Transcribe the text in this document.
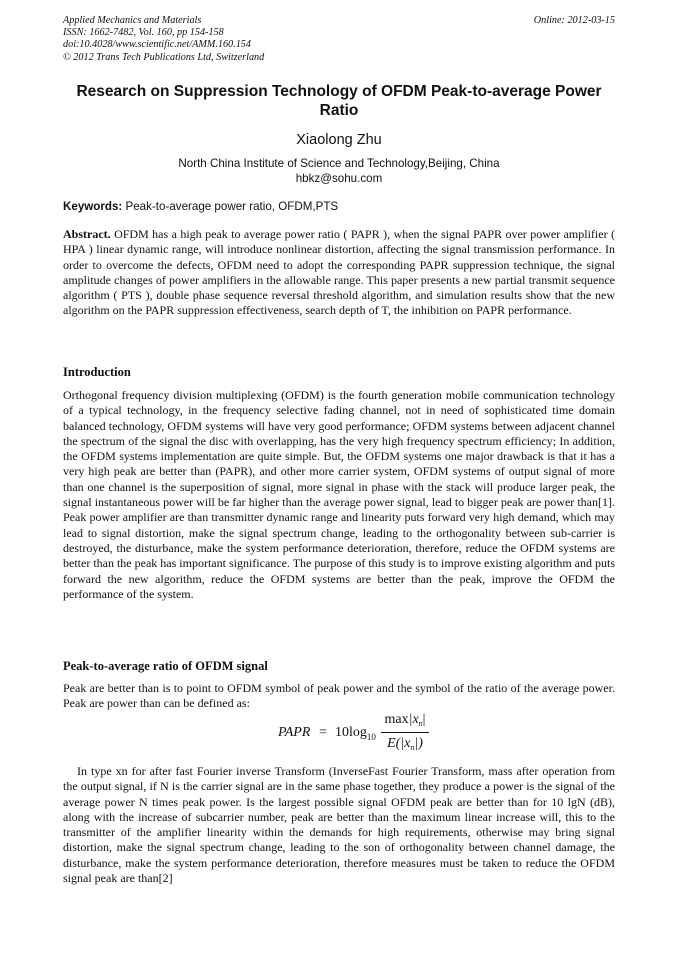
Applied Mechanics and Materials
ISSN: 1662-7482, Vol. 160, pp 154-158
doi:10.4028/www.scientific.net/AMM.160.154
© 2012 Trans Tech Publications Ltd, Switzerland
Online: 2012-03-15
Research on Suppression Technology of OFDM Peak-to-average Power Ratio
Xiaolong Zhu
North China Institute of Science and Technology,Beijing, China
hbkz@sohu.com
Keywords: Peak-to-average power ratio, OFDM,PTS
Abstract. OFDM has a high peak to average power ratio ( PAPR ), when the signal PAPR over power amplifier ( HPA ) linear dynamic range, will introduce nonlinear distortion, affecting the signal transmission performance. In order to overcome the defects, OFDM need to adopt the corresponding PAPR suppression technique, the signal amplitude changes of power amplifiers in the allowable range. This paper presents a new partial transmit sequence algorithm ( PTS ), double phase sequence reversal threshold algorithm, and simulation results show that the new algorithm on the PAPR suppression effectiveness, search depth of T, the inhibition on PAPR performance.
Introduction
Orthogonal frequency division multiplexing (OFDM) is the fourth generation mobile communication technology of a typical technology, in the frequency selective fading channel, not in need of sophisticated time domain balanced technology, OFDM systems will have very good performance; OFDM systems between adjacent channel the spectrum of the signal the disc with overlapping, has the very high frequency spectrum efficiency; In addition, the OFDM systems implementation are quite simple. But, the OFDM systems one major drawback is that it has a very high peak are better than (PAPR), and other more carrier system, OFDM systems of output signal of more than one channel is the superposition of signal, more signal in phase with the stack will produce larger peak, the signal instantaneous power will be far higher than the average power signal, lead to bigger peak are power than[1]. Peak power amplifier are than transmitter dynamic range and linearity puts forward very high demand, which may lead to signal distortion, make the signal spectrum change, leading to the orthogonality between sub-carrier is destroyed, the disturbance, make the system performance deterioration, therefore, reduce the OFDM systems are better than the peak has important significance. The purpose of this study is to improve existing algorithm and puts forward the new algorithm, reduce the OFDM systems are better than the peak, improve the OFDM the performance of the system.
Peak-to-average ratio of OFDM signal
Peak are better than is to point to OFDM symbol of peak power and the symbol of the ratio of the average power. Peak are power than can be defined as:
PAPR = $10\log_{10}$
$\max|x_n|$
$E(|x_n|)$
In type xn for after fast Fourier inverse Transform (InverseFast Fourier Transform, mass after operation from the output signal, if N is the carrier signal are in the same phase together, they produce a power is the signal of the average power N times peak power. Is the largest possible signal OFDM peak are better than for 10 lgN (dB), along with the increase of subcarrier number, peak are better than the maximum linear increase will, this to the transmitter of the amplifier linearity within the demands for high requirements, otherwise may bring signal distortion, make the signal spectrum change, leading to the son of orthogonality between channel damage, the disturbance, make the system performance deterioration, therefore measures must be taken to reduce the OFDM signal peak are than[2]
